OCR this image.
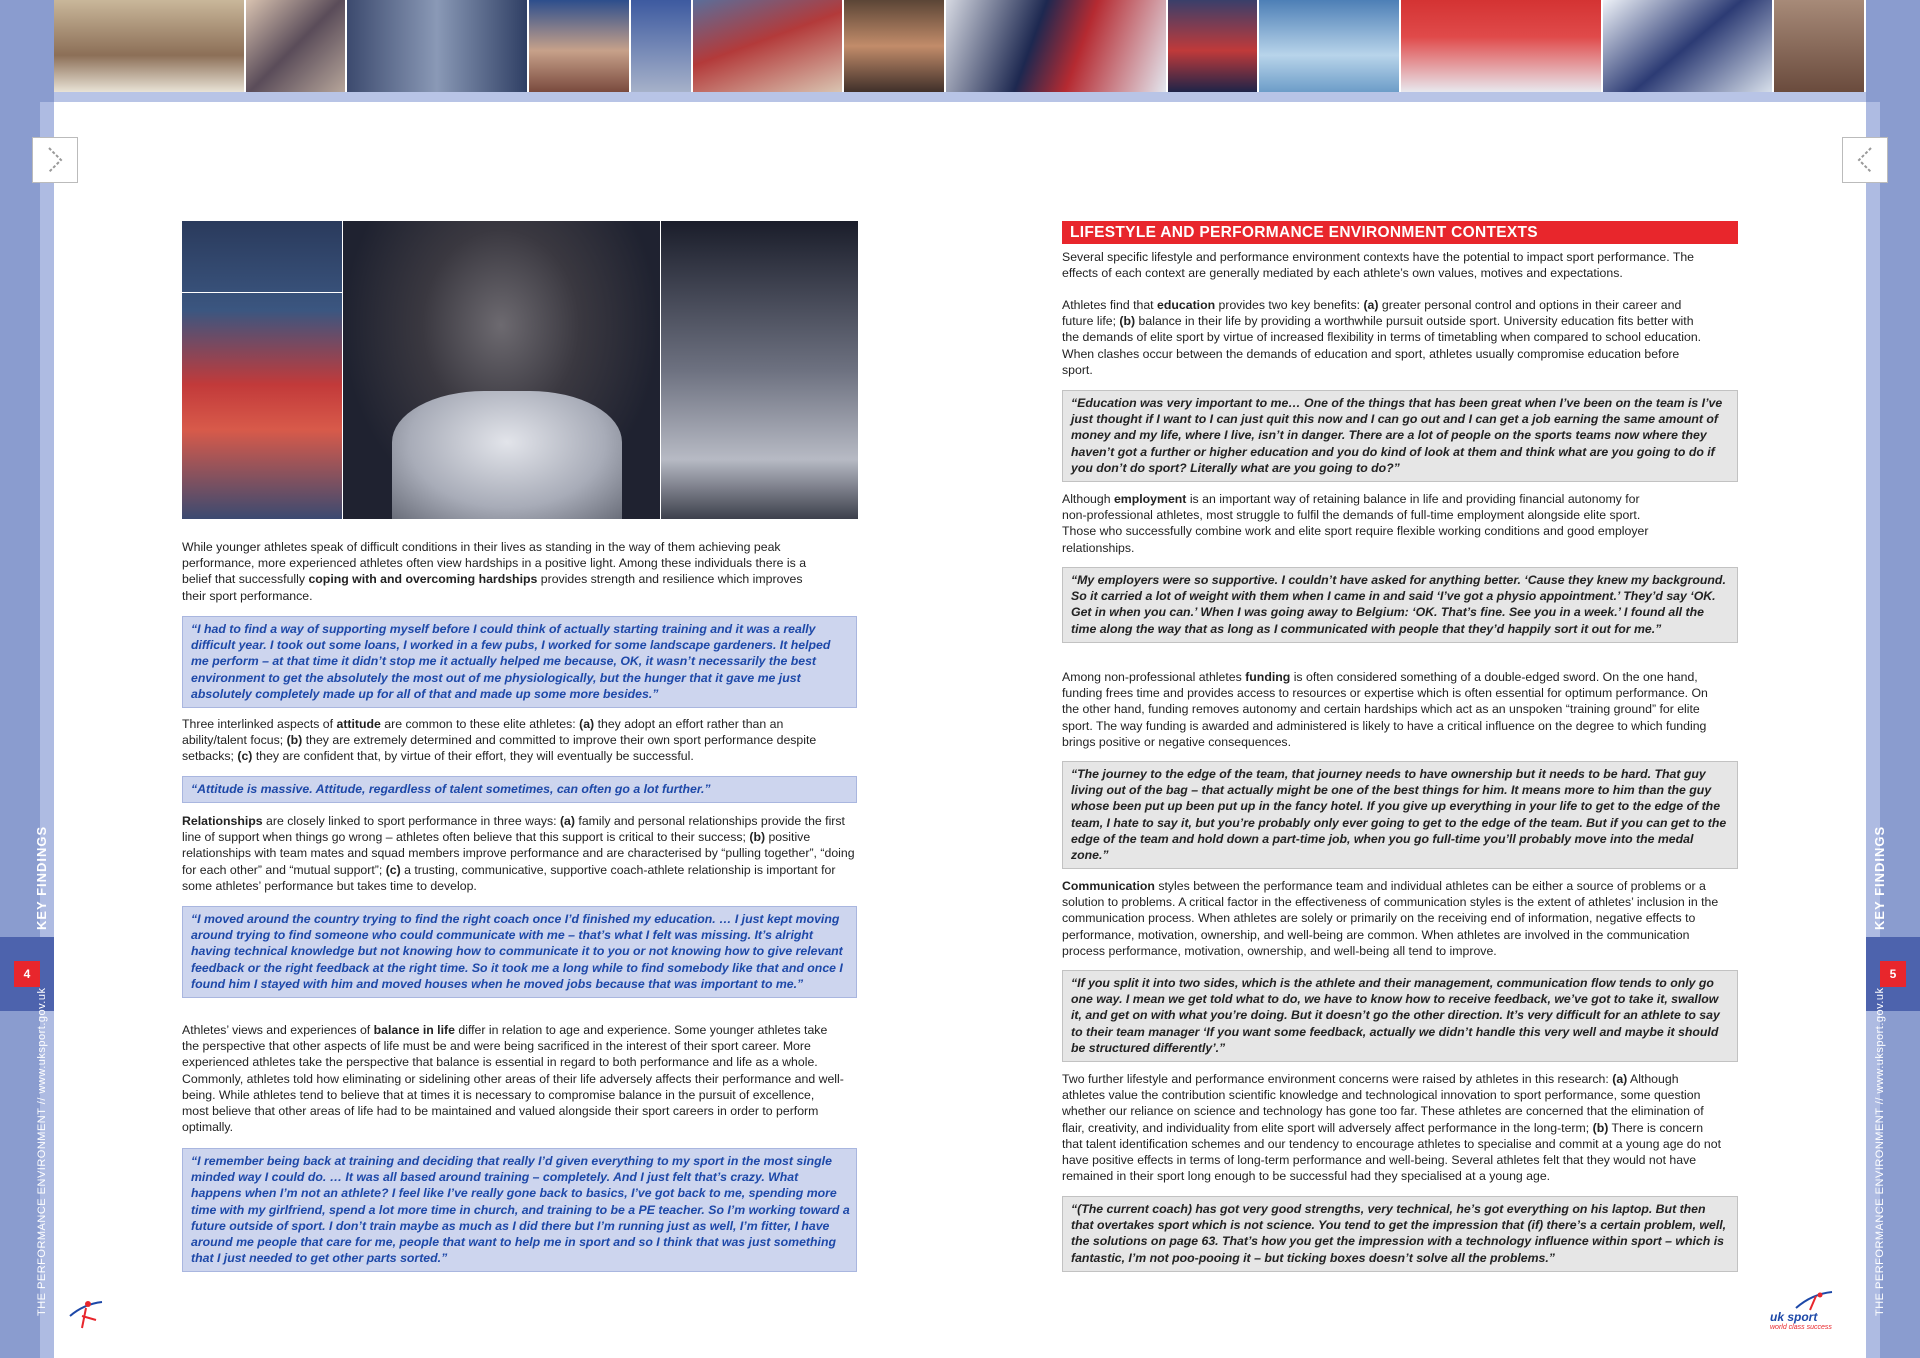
4
KEY FINDINGS
THE PERFORMANCE ENVIRONMENT // www.uksport.gov.uk
5
KEY FINDINGS
THE PERFORMANCE ENVIRONMENT // www.uksport.gov.uk

While younger athletes speak of difficult conditions in their lives as standing in the way of them achieving peak performance, more experienced athletes often view hardships in a positive light. Among these individuals there is a belief that successfully coping with and overcoming hardships provides strength and resilience which improves their sport performance.

“I had to find a way of supporting myself before I could think of actually starting training and it was a really difficult year. I took out some loans, I worked in a few pubs, I worked for some landscape gardeners. It helped me perform – at that time it didn’t stop me it actually helped me because, OK, it wasn’t necessarily the best environment to get the absolutely the most out of me physiologically, but the hunger that it gave me just absolutely completely made up for all of that and made up some more besides.”

Three interlinked aspects of attitude are common to these elite athletes: (a) they adopt an effort rather than an ability/talent focus; (b) they are extremely determined and committed to improve their own sport performance despite setbacks; (c) they are confident that, by virtue of their effort, they will eventually be successful.

“Attitude is massive. Attitude, regardless of talent sometimes, can often go a lot further.”

Relationships are closely linked to sport performance in three ways: (a) family and personal relationships provide the first line of support when things go wrong – athletes often believe that this support is critical to their success; (b) positive relationships with team mates and squad members improve performance and are characterised by “pulling together”, “doing for each other” and “mutual support”; (c) a trusting, communicative, supportive coach-athlete relationship is important for some athletes’ performance but takes time to develop.

“I moved around the country trying to find the right coach once I’d finished my education. … I just kept moving around trying to find someone who could communicate with me – that’s what I felt was missing. It’s alright having technical knowledge but not knowing how to communicate it to you or not knowing how to give relevant feedback or the right feedback at the right time. So it took me a long while to find somebody like that and once I found him I stayed with him and moved houses when he moved jobs because that was important to me.”

Athletes’ views and experiences of balance in life differ in relation to age and experience. Some younger athletes take the perspective that other aspects of life must be and were being sacrificed in the interest of their sport career. More experienced athletes take the perspective that balance is essential in regard to both performance and life as a whole. Commonly, athletes told how eliminating or sidelining other areas of their life adversely affects their performance and well-being. While athletes tend to believe that at times it is necessary to compromise balance in the pursuit of excellence, most believe that other areas of life had to be maintained and valued alongside their sport careers in order to perform optimally.

“I remember being back at training and deciding that really I’d given everything to my sport in the most single minded way I could do. … It was all based around training – completely. And I just felt that’s crazy. What happens when I’m not an athlete? I feel like I’ve really gone back to basics, I’ve got back to me, spending more time with my girlfriend, spend a lot more time in church, and training to be a PE teacher. So I’m working toward a future outside of sport. I don’t train maybe as much as I did there but I’m running just as well, I’m fitter, I have around me people that care for me, people that want to help me in sport and so I think that was just something that I just needed to get other parts sorted.”
LIFESTYLE AND PERFORMANCE ENVIRONMENT CONTEXTS

Several specific lifestyle and performance environment contexts have the potential to impact sport performance. The effects of each context are generally mediated by each athlete’s own values, motives and expectations.

Athletes find that education provides two key benefits: (a) greater personal control and options in their career and future life; (b) balance in their life by providing a worthwhile pursuit outside sport. University education fits better with the demands of elite sport by virtue of increased flexibility in terms of timetabling when compared to school education. When clashes occur between the demands of education and sport, athletes usually compromise education before sport.

“Education was very important to me… One of the things that has been great when I’ve been on the team is I’ve just thought if I want to I can just quit this now and I can go out and I can get a job earning the same amount of money and my life, where I live, isn’t in danger. There are a lot of people on the sports teams now where they haven’t got a further or higher education and you do kind of look at them and think what are you going to do if you don’t do sport? Literally what are you going to do?”

Although employment is an important way of retaining balance in life and providing financial autonomy for non-professional athletes, most struggle to fulfil the demands of full-time employment alongside elite sport. Those who successfully combine work and elite sport require flexible working conditions and good employer relationships.

“My employers were so supportive. I couldn’t have asked for anything better. ‘Cause they knew my background. So it carried a lot of weight with them when I came in and said ‘I’ve got a physio appointment.’ They’d say ‘OK. Get in when you can.’ When I was going away to Belgium: ‘OK. That’s fine. See you in a week.’ I found all the time along the way that as long as I communicated with people that they’d happily sort it out for me.”

Among non-professional athletes funding is often considered something of a double-edged sword. On the one hand, funding frees time and provides access to resources or expertise which is often essential for optimum performance. On the other hand, funding removes autonomy and certain hardships which act as an unspoken “training ground” for elite sport. The way funding is awarded and administered is likely to have a critical influence on the degree to which funding brings positive or negative consequences.

“The journey to the edge of the team, that journey needs to have ownership but it needs to be hard. That guy living out of the bag – that actually might be one of the best things for him. It means more to him than the guy whose been put up been put up in the fancy hotel. If you give up everything in your life to get to the edge of the team, I hate to say it, but you’re probably only ever going to get to the edge of the team. But if you can get to the edge of the team and hold down a part-time job, when you go full-time you’ll probably move into the medal zone.”

Communication styles between the performance team and individual athletes can be either a source of problems or a solution to problems. A critical factor in the effectiveness of communication styles is the extent of athletes’ inclusion in the communication process. When athletes are solely or primarily on the receiving end of information, negative effects to performance, motivation, ownership, and well-being are common. When athletes are involved in the communication process performance, motivation, ownership, and well-being all tend to improve.

“If you split it into two sides, which is the athlete and their management, communication flow tends to only go one way. I mean we get told what to do, we have to know how to receive feedback, we’ve got to take it, swallow it, and get on with what you’re doing. But it doesn’t go the other direction. It’s very difficult for an athlete to say to their team manager ‘If you want some feedback, actually we didn’t handle this very well and maybe it should be structured differently’.”

Two further lifestyle and performance environment concerns were raised by athletes in this research: (a) Although athletes value the contribution scientific knowledge and technological innovation to sport performance, some question whether our reliance on science and technology has gone too far. These athletes are concerned that the elimination of flair, creativity, and individuality from elite sport will adversely affect performance in the long-term; (b) There is concern that talent identification schemes and our tendency to encourage athletes to specialise and commit at a young age do not have positive effects in terms of long-term performance and well-being. Several athletes felt that they would not have remained in their sport long enough to be successful had they specialised at a young age.

“(The current coach) has got very good strengths, very technical, he’s got everything on his laptop. But then that overtakes sport which is not science. You tend to get the impression that (if) there’s a certain problem, well, the solutions on page 63. That’s how you get the impression with a technology influence within sport – which is fantastic, I’m not poo-pooing it – but ticking boxes doesn’t solve all the problems.”
uk sport
world class success
